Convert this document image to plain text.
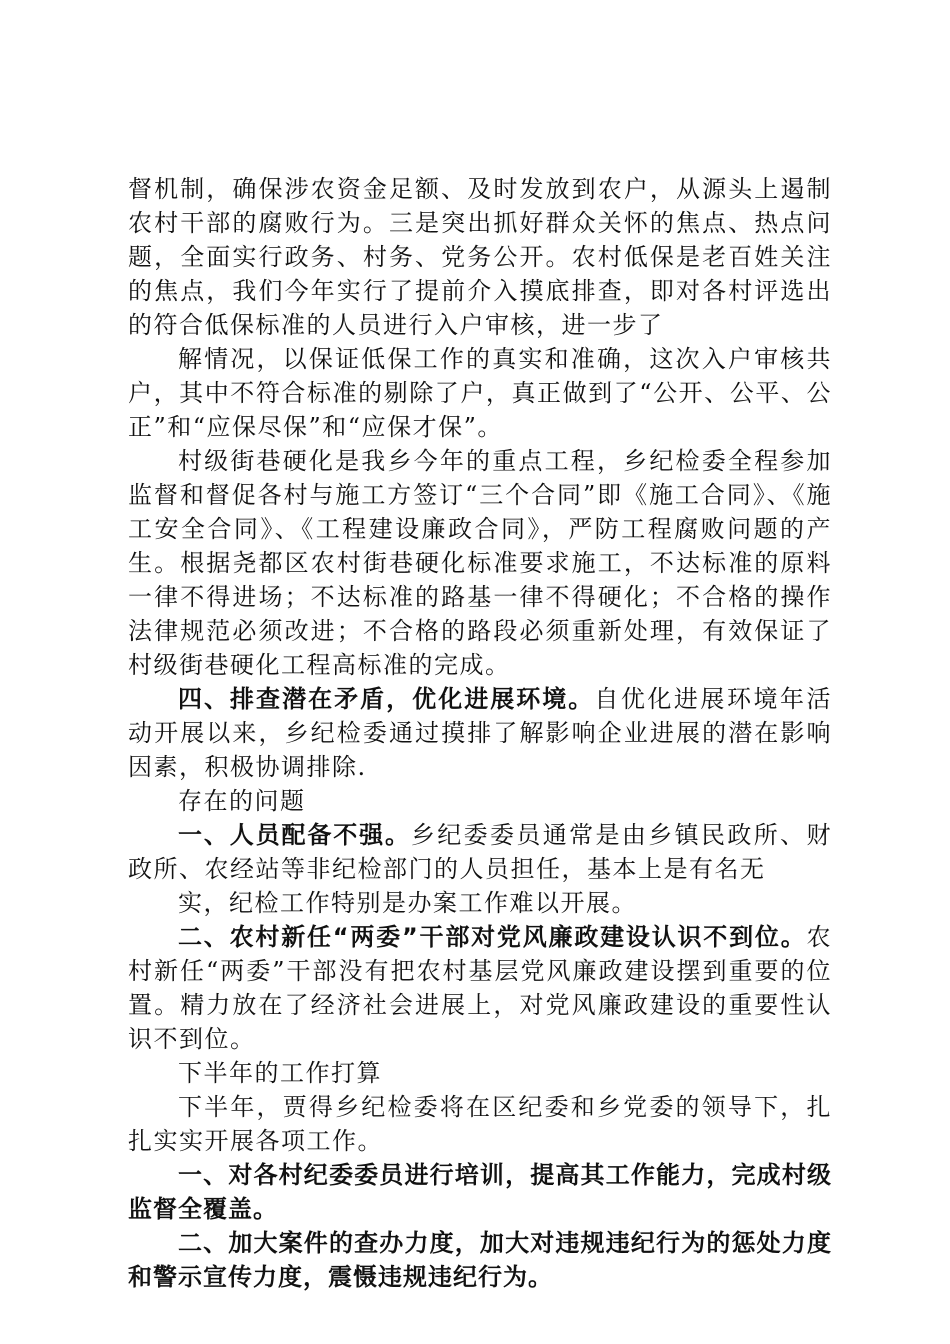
督机制，确保涉农资金足额、及时发放到农户，从源头上遏制农村干部的腐败行为。三是突出抓好群众关怀的焦点、热点问题，全面实行政务、村务、党务公开。农村低保是老百姓关注的焦点，我们今年实行了提前介入摸底排查，即对各村评选出的符合低保标准的人员进行入户审核，进一步了

解情况，以保证低保工作的真实和准确，这次入户审核共户，其中不符合标准的剔除了户，真正做到了“公开、公平、公正”和“应保尽保”和“应保才保”。

村级街巷硬化是我乡今年的重点工程，乡纪检委全程参加监督和督促各村与施工方签订“三个合同”即《施工合同》、《施工安全合同》、《工程建设廉政合同》，严防工程腐败问题的产生。根据尧都区农村街巷硬化标准要求施工，不达标准的原料一律不得进场；不达标准的路基一律不得硬化；不合格的操作法律规范必须改进；不合格的路段必须重新处理，有效保证了村级街巷硬化工程高标准的完成。

四、排查潜在矛盾，优化进展环境。自优化进展环境年活动开展以来，乡纪检委通过摸排了解影响企业进展的潜在影响因素，积极协调排除.

存在的问题

一、人员配备不强。乡纪委委员通常是由乡镇民政所、财政所、农经站等非纪检部门的人员担任，基本上是有名无

实，纪检工作特别是办案工作难以开展。

二、农村新任“两委”干部对党风廉政建设认识不到位。农村新任“两委”干部没有把农村基层党风廉政建设摆到重要的位置。精力放在了经济社会进展上，对党风廉政建设的重要性认识不到位。

下半年的工作打算

下半年，贾得乡纪检委将在区纪委和乡党委的领导下，扎扎实实开展各项工作。

一、对各村纪委委员进行培训，提高其工作能力，完成村级监督全覆盖。

二、加大案件的查办力度，加大对违规违纪行为的惩处力度和警示宣传力度，震慑违规违纪行为。
